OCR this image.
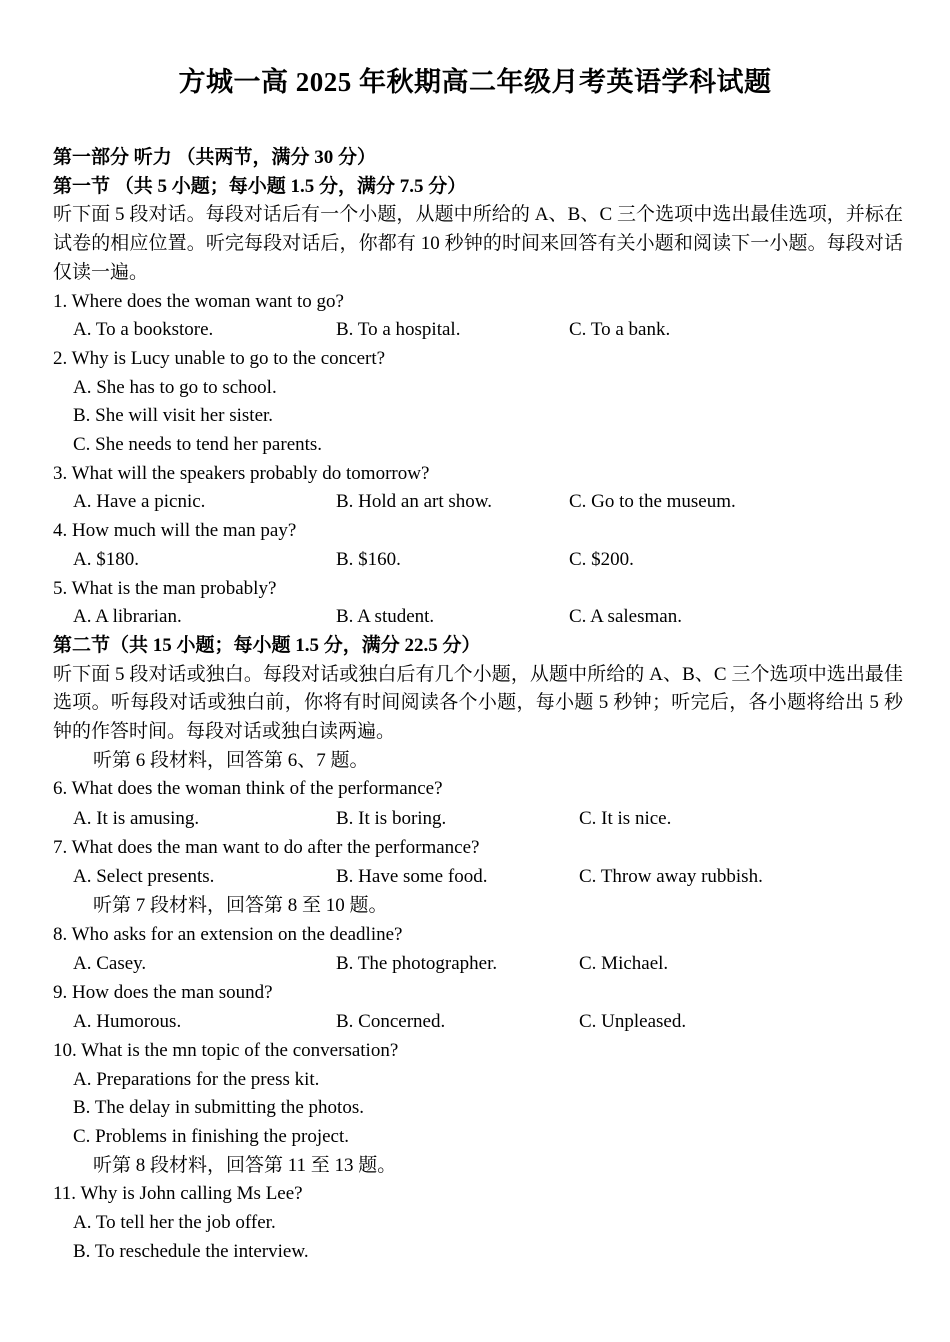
方城一高 2025 年秋期高二年级月考英语学科试题
第一部分 听力 （共两节，满分 30 分）
第一节 （共 5 小题；每小题 1.5 分，满分 7.5 分）
听下面 5 段对话。每段对话后有一个小题，从题中所给的 A、B、C 三个选项中选出最佳选项，并标在试卷的相应位置。听完每段对话后，你都有 10 秒钟的时间来回答有关小题和阅读下一小题。每段对话仅读一遍。
1. Where does the woman want to go?
A. To a bookstore.	B. To a hospital.	C. To a bank.
2. Why is Lucy unable to go to the concert?
A. She has to go to school.
B. She will visit her sister.
C. She needs to tend her parents.
3. What will the speakers probably do tomorrow?
A. Have a picnic.	B. Hold an art show.	C. Go to the museum.
4. How much will the man pay?
A. $180.	B. $160.	C. $200.
5. What is the man probably?
A. A librarian.	B. A student.	C. A salesman.
第二节（共 15 小题；每小题 1.5 分，满分 22.5 分）
听下面 5 段对话或独白。每段对话或独白后有几个小题，从题中所给的 A、B、C 三个选项中选出最佳选项。听每段对话或独白前，你将有时间阅读各个小题，每小题 5 秒钟；听完后，各小题将给出 5 秒钟的作答时间。每段对话或独白读两遍。
听第 6 段材料，回答第 6、7 题。
6. What does the woman think of the performance?
A. It is amusing.	B. It is boring.	C. It is nice.
7. What does the man want to do after the performance?
A. Select presents.	B. Have some food.	C. Throw away rubbish.
听第 7 段材料，回答第 8 至 10 题。
8. Who asks for an extension on the deadline?
A. Casey.	B. The photographer.	C. Michael.
9. How does the man sound?
A. Humorous.	B. Concerned.	C. Unpleased.
10. What is the mn topic of the conversation?
A. Preparations for the press kit.
B. The delay in submitting the photos.
C. Problems in finishing the project.
听第 8 段材料，回答第 11 至 13 题。
11. Why is John calling Ms Lee?
A. To tell her the job offer.
B. To reschedule the interview.
